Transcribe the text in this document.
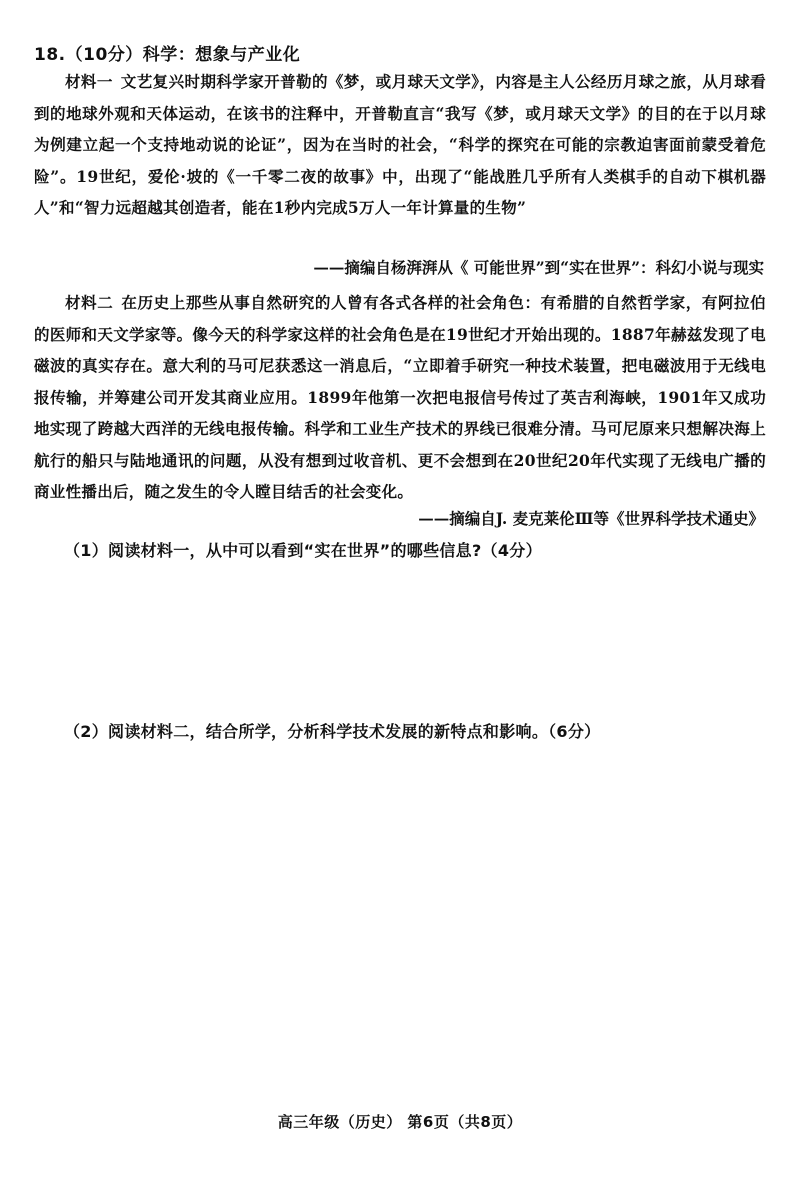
18.（10分）科学：想象与产业化
材料一 文艺复兴时期科学家开普勒的《梦，或月球天文学》，内容是主人公经历月球之旅，从月球看到的地球外观和天体运动，在该书的注释中，开普勒直言“我写《梦，或月球天文学》的目的在于以月球为例建立起一个支持地动说的论证”，因为在当时的社会，“科学的探究在可能的宗教迫害面前蒙受着危险”。19世纪，爱伦·坡的《一千零二夜的故事》中，出现了“能战胜几乎所有人类棋手的自动下棋机器人”和“智力远超越其创造者，能在1秒内完成5万人一年计算量的生物”
——摘编自杨湃湃从《 可能世界”到“实在世界”：科幻小说与现实
材料二 在历史上那些从事自然研究的人曾有各式各样的社会角色：有希腊的自然哲学家，有阿拉伯的医师和天文学家等。像今天的科学家这样的社会角色是在19世纪才开始出现的。1887年赫兹发现了电磁波的真实存在。意大利的马可尼获悉这一消息后，“立即着手研究一种技术装置，把电磁波用于无线电报传输，并筹建公司开发其商业应用。1899年他第一次把电报信号传过了英吉利海峡，1901年又成功地实现了跨越大西洋的无线电报传输。科学和工业生产技术的界线已很难分清。马可尼原来只想解决海上航行的船只与陆地通讯的问题，从没有想到过收音机、更不会想到在20世纪20年代实现了无线电广播的商业性播出后，随之发生的令人瞠目结舌的社会变化。
——摘编自J. 麦克莱伦Ⅲ等《世界科学技术通史》
（1）阅读材料一，从中可以看到“实在世界”的哪些信息?（4分）
（2）阅读材料二，结合所学，分析科学技术发展的新特点和影响。（6分）
高三年级（历史） 第6页（共8页）
